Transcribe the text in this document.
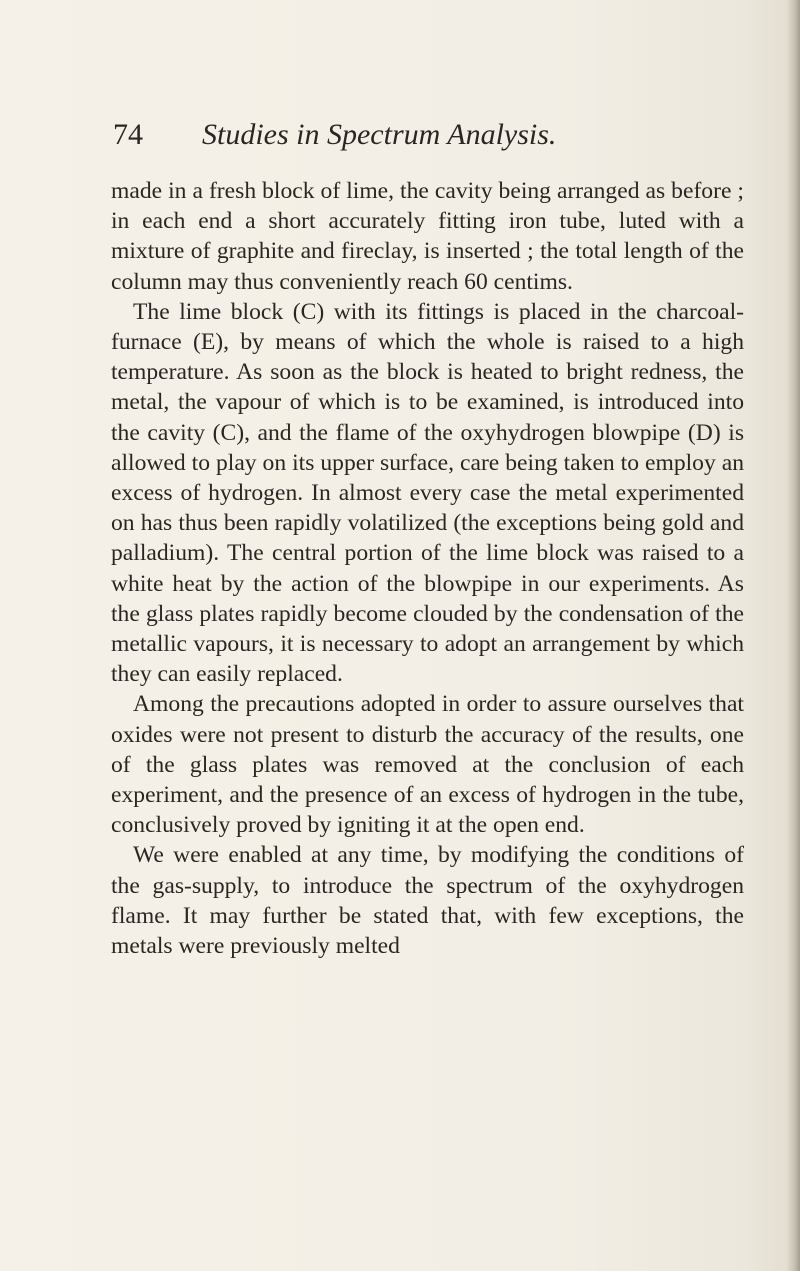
74 Studies in Spectrum Analysis.

made in a fresh block of lime, the cavity being arranged as before ; in each end a short accurately fitting iron tube, luted with a mixture of graphite and fireclay, is inserted ; the total length of the column may thus conveniently reach 60 centims.

The lime block (C) with its fittings is placed in the charcoal-furnace (E), by means of which the whole is raised to a high temperature. As soon as the block is heated to bright redness, the metal, the vapour of which is to be examined, is introduced into the cavity (C), and the flame of the oxyhydrogen blowpipe (D) is allowed to play on its upper surface, care being taken to employ an excess of hydrogen. In almost every case the metal experimented on has thus been rapidly volatilized (the exceptions being gold and palladium). The central portion of the lime block was raised to a white heat by the action of the blowpipe in our experiments. As the glass plates rapidly become clouded by the condensation of the metallic vapours, it is necessary to adopt an arrangement by which they can easily replaced.

Among the precautions adopted in order to assure ourselves that oxides were not present to disturb the accuracy of the results, one of the glass plates was removed at the conclusion of each experiment, and the presence of an excess of hydrogen in the tube, conclusively proved by igniting it at the open end.

We were enabled at any time, by modifying the conditions of the gas-supply, to introduce the spectrum of the oxyhydrogen flame. It may further be stated that, with few exceptions, the metals were previously melted
